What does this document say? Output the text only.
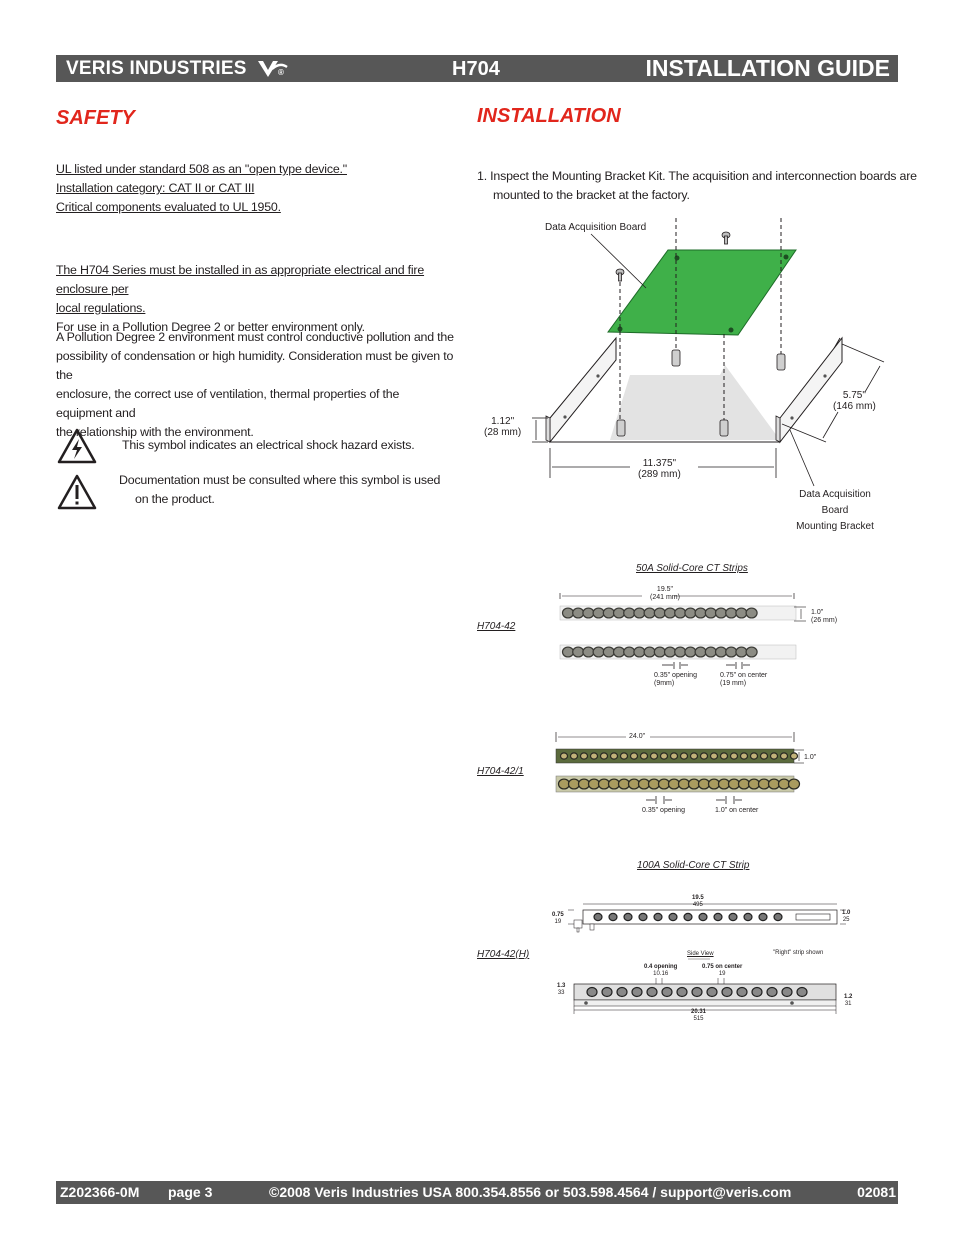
VERIS INDUSTRIES	®	H704	INSTALLATION GUIDE
SAFETY
UL listed under standard 508 as an "open type device."
Installation category: CAT II or CAT III
Critical components evaluated to UL 1950.
The H704 Series must be installed in as appropriate electrical and fire enclosure per
local regulations.
For use in a Pollution Degree 2 or better environment only.
A Pollution Degree 2 environment must control conductive pollution and the
possibility of condensation or high humidity. Consideration must be given to the
enclosure, the correct use of ventilation, thermal properties of the equipment and
the relationship with the environment.
This symbol indicates an electrical shock hazard exists.
Documentation must be consulted where this symbol is used
on the product.
INSTALLATION
1. Inspect the Mounting Bracket Kit. The acquisition and interconnection boards are
mounted to the bracket at the factory.
Data Acquisition Board
1.12"
(28 mm)
11.375"
(289 mm)
5.75"
(146 mm)
Data Acquisition Board
Mounting Bracket
50A Solid-Core CT Strips
H704-42
19.5"
(241 mm)
1.0"
(26 mm)
0.35" opening
(9mm)
0.75" on center
(19 mm)
H704-42/1
24.0"
1.0"
0.35" opening	1.0" on center
100A Solid-Core CT Strip
H704-42(H)
19.5
495
0.75
19
1.0
25
Side View	"Right" strip shown
0.4 opening
10.16
0.75 on center
19
1.3
33
1.2
31
20.31
515
Z202366-0M page 3	©2008 Veris Industries USA 800.354.8556 or 503.598.4564 / support@veris.com	02081
